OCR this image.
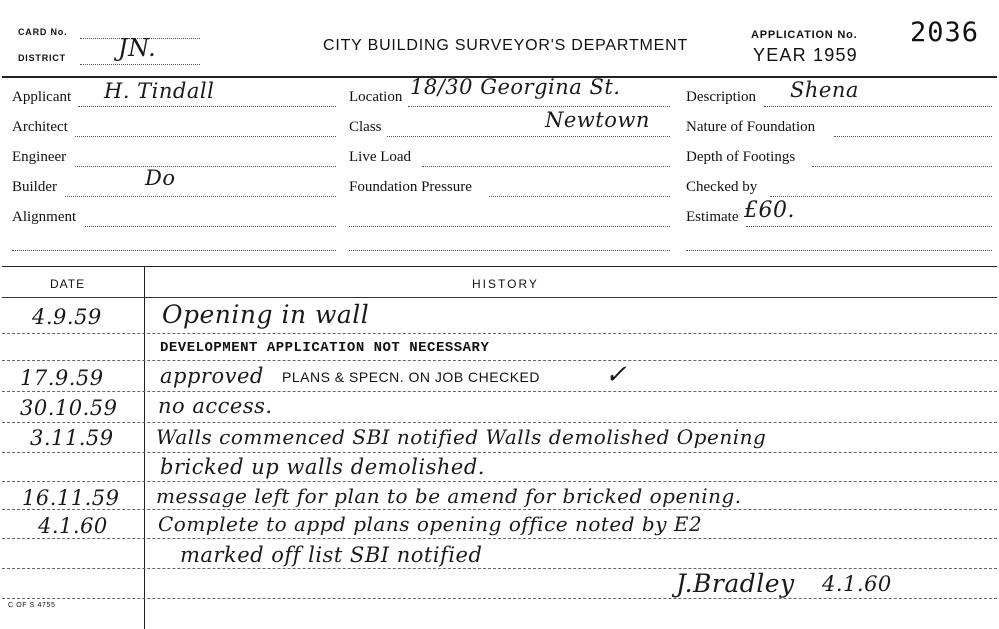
CARD No.
DISTRICT JN.	CITY BUILDING SURVEYOR'S DEPARTMENT
APPLICATION No. 2036
YEAR 1959
Applicant H. Tindall
Architect
Engineer
Builder	Do
Alignment
Location 18/30 Georgina St.
Class	Newtown
Live Load
Foundation Pressure
Description Shena
Nature of Foundation
Depth of Footings
Checked by
Estimate £60.
DATE	HISTORY
4.9.59 Opening in wall
DEVELOPMENT APPLICATION NOT NECESSARY
17.9.59	approved PLANS & SPECN. ON JOB CHECKED ✓
30.10.59 no access.
3.11.59 Walls commenced SBI notified Walls demolished Opening
bricked up walls demolished.
16.11.59 message left for plan to be amend for bricked opening.
4.1.60	Complete to appd plans opening office noted by E2
marked off list SBI notified
J.Bradley 4.1.60
C OF S 4755
